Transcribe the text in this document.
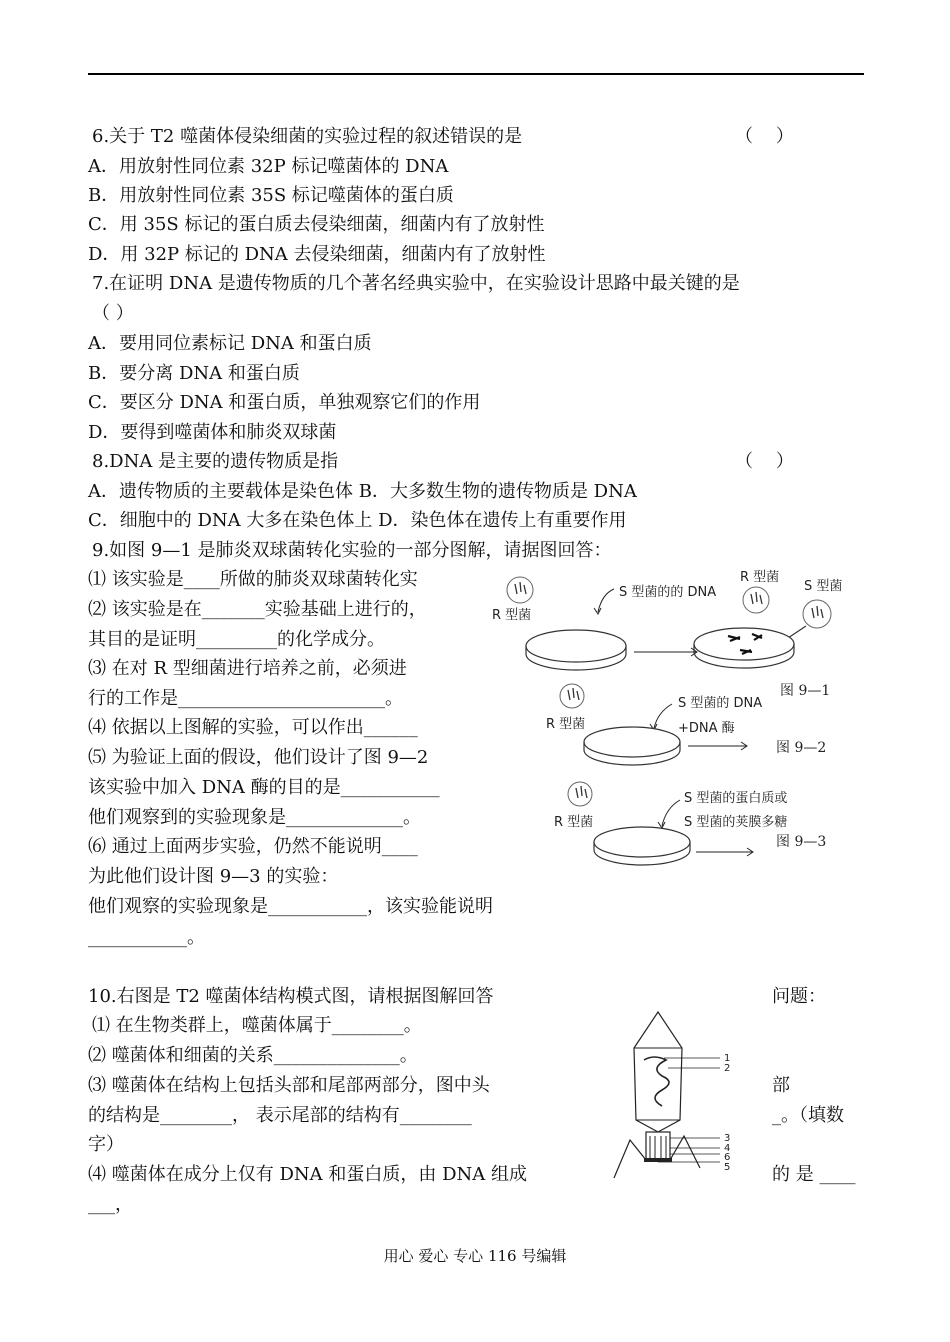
6.关于 T2 噬菌体侵染细菌的实验过程的叙述错误的是	（    ）
A．用放射性同位素 32P 标记噬菌体的 DNA
B．用放射性同位素 35S 标记噬菌体的蛋白质
C．用 35S 标记的蛋白质去侵染细菌，细菌内有了放射性
D．用 32P 标记的 DNA 去侵染细菌，细菌内有了放射性
7.在证明 DNA 是遗传物质的几个著名经典实验中，在实验设计思路中最关键的是
（ ）
A．要用同位素标记 DNA 和蛋白质
B．要分离 DNA 和蛋白质
C．要区分 DNA 和蛋白质，单独观察它们的作用
D．要得到噬菌体和肺炎双球菌
8.DNA 是主要的遗传物质是指	（    ）
A．遗传物质的主要载体是染色体 B．大多数生物的遗传物质是 DNA
C．细胞中的 DNA 大多在染色体上 D．染色体在遗传上有重要作用
9.如图 9—1 是肺炎双球菌转化实验的一部分图解，请据图回答：
⑴ 该实验是____所做的肺炎双球菌转化实
⑵ 该实验是在_______实验基础上进行的，
其目的是证明_________的化学成分。
⑶ 在对 R 型细菌进行培养之前，必须进
行的工作是_______________________。
⑷ 依据以上图解的实验，可以作出______
⑸ 为验证上面的假设，他们设计了图 9—2
该实验中加入 DNA 酶的目的是___________
他们观察到的实验现象是_____________。
⑹ 通过上面两步实验，仍然不能说明____
为此他们设计图 9—3 的实验：
他们观察的实验现象是___________，该实验能说明
___________。
R 型菌
S 型菌的的 DNA
R 型菌
S 型菌
图 9—1
R 型菌
S 型菌的 DNA
+DNA 酶
图 9—2
R 型菌
S 型菌的蛋白质或
S 型菌的荚膜多糖
图 9—3
10.右图是 T2 噬菌体结构模式图，请根据图解回答	问题：
⑴ 在生物类群上，噬菌体属于________。
⑵ 噬菌体和细菌的关系______________。
⑶ 噬菌体在结构上包括头部和尾部两部分，图中头	部
的结构是________， 表示尾部的结构有________	_。（填数
字）
⑷ 噬菌体在成分上仅有 DNA 和蛋白质，由 DNA 组成	的 是 ____
___，
1
2
3
4
6
5
用心 爱心 专心 116 号编辑
